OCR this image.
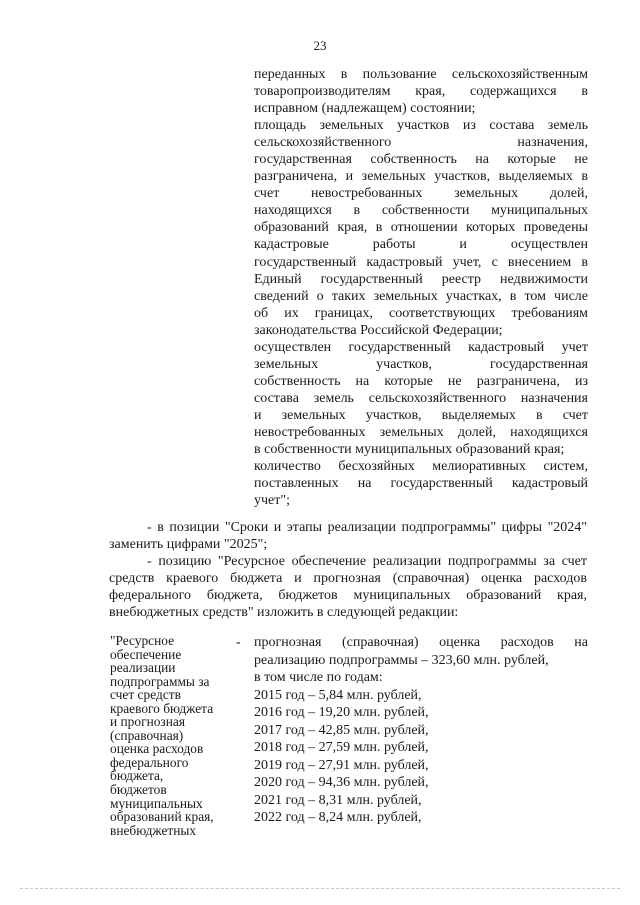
23
переданных в пользование сельскохозяйственным
товаропроизводителям края, содержащихся в
исправном (надлежащем) состоянии;
площадь земельных участков из состава земель
сельскохозяйственного назначения,
государственная собственность на которые не
разграничена, и земельных участков, выделяемых в
счет невостребованных земельных долей,
находящихся в собственности муниципальных
образований края, в отношении которых проведены
кадастровые работы и осуществлен
государственный кадастровый учет, с внесением в
Единый государственный реестр недвижимости
сведений о таких земельных участках, в том числе
об их границах, соответствующих требованиям
законодательства Российской Федерации;
осуществлен государственный кадастровый учет
земельных участков, государственная
собственность на которые не разграничена, из
состава земель сельскохозяйственного назначения
и земельных участков, выделяемых в счет
невостребованных земельных долей, находящихся
в собственности муниципальных образований края;
количество бесхозяйных мелиоративных систем,
поставленных на государственный кадастровый
учет";
- в позиции "Сроки и этапы реализации подпрограммы" цифры "2024"
заменить цифрами "2025";
- позицию "Ресурсное обеспечение реализации подпрограммы за счет
средств краевого бюджета и прогнозная (справочная) оценка расходов
федерального бюджета, бюджетов муниципальных образований края,
внебюджетных средств" изложить в следующей редакции:
"Ресурсное
обеспечение
реализации
подпрограммы за
счет средств
краевого бюджета
и прогнозная
(справочная)
оценка расходов
федерального
бюджета,
бюджетов
муниципальных
образований края,
внебюджетных
- прогнозная (справочная) оценка расходов на
реализацию подпрограммы – 323,60 млн. рублей,
в том числе по годам:
2015 год – 5,84 млн. рублей,
2016 год – 19,20 млн. рублей,
2017 год – 42,85 млн. рублей,
2018 год – 27,59 млн. рублей,
2019 год – 27,91 млн. рублей,
2020 год – 94,36 млн. рублей,
2021 год – 8,31 млн. рублей,
2022 год – 8,24 млн. рублей,
